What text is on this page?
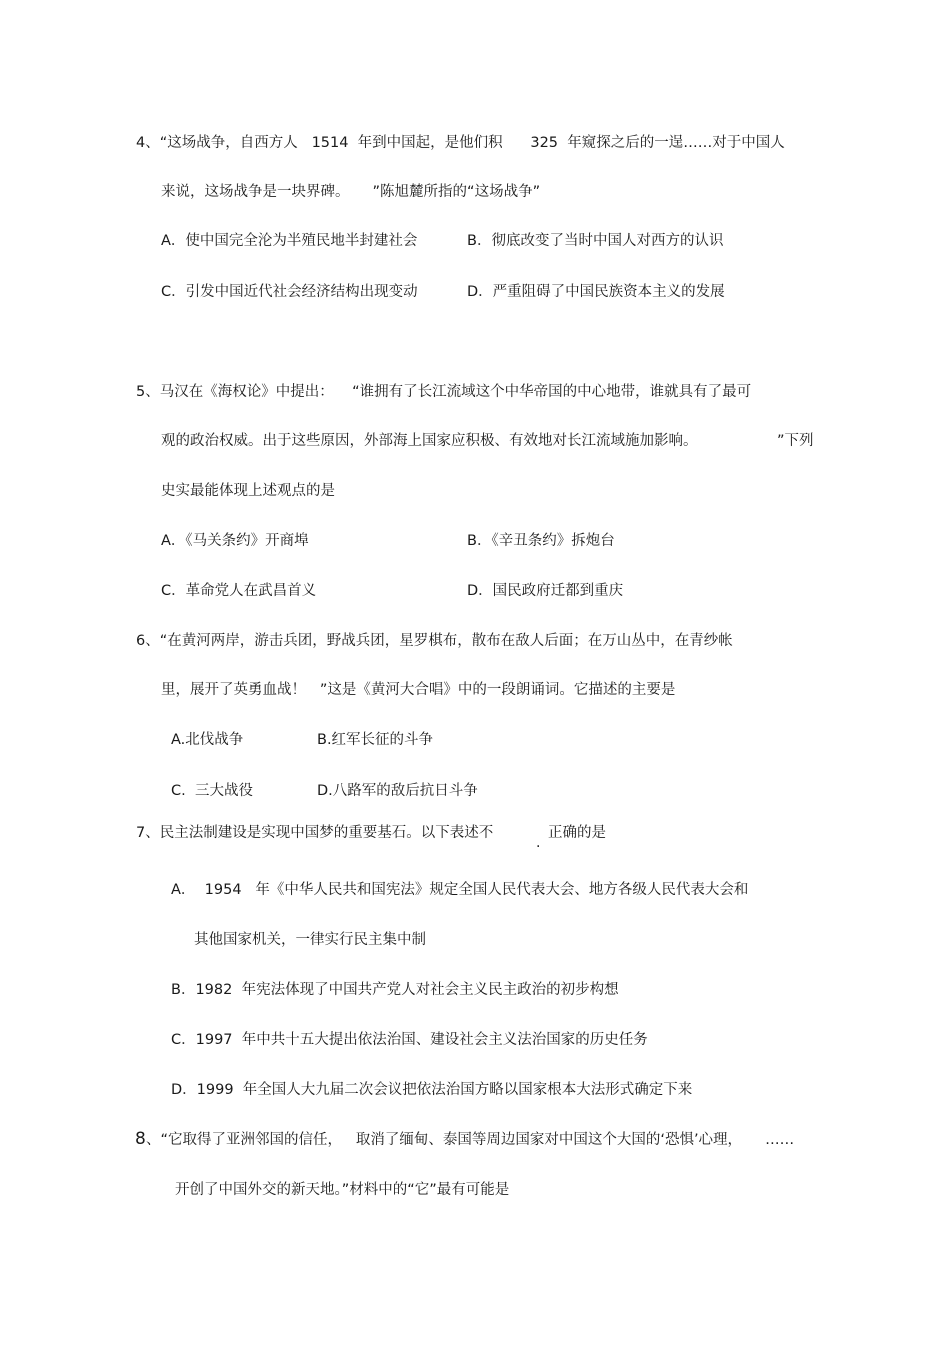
4、“这场战争，自西方人   1514  年到中国起，是他们积      325  年窥探之后的一逞……对于中国人
来说，这场战争是一块界碑。     ”陈旭麓所指的“这场战争”
A．使中国完全沦为半殖民地半封建社会	B．彻底改变了当时中国人对西方的认识
C．引发中国近代社会经济结构出现变动	D．严重阻碍了中国民族资本主义的发展
5、马汉在《海权论》中提出：    “谁拥有了长江流域这个中华帝国的中心地带，谁就具有了最可
观的政治权威。出于这些原因，外部海上国家应积极、有效地对长江流域施加影响。	”下列
史实最能体现上述观点的是
A．《马关条约》开商埠	B．《辛丑条约》拆炮台
C．革命党人在武昌首义	D．国民政府迁都到重庆
6、“在黄河两岸，游击兵团，野战兵团，星罗棋布，散布在敌人后面；在万山丛中，在青纱帐
里，展开了英勇血战！   ”这是《黄河大合唱》中的一段朗诵词。它描述的主要是
A.北伐战争	B.红军长征的斗争
C.  三大战役	D.八路军的敌后抗日斗争
7、民主法制建设是实现中国梦的重要基石。以下表述不
.
正确的是
A．  1954   年《中华人民共和国宪法》规定全国人民代表大会、地方各级人民代表大会和
其他国家机关，一律实行民主集中制
B．1982  年宪法体现了中国共产党人对社会主义民主政治的初步构想
C．1997  年中共十五大提出依法治国、建设社会主义法治国家的历史任务
D．1999  年全国人大九届二次会议把依法治国方略以国家根本大法形式确定下来
8 、“它取得了亚洲邻国的信任，   取消了缅甸、泰国等周边国家对中国这个大国的‘恐惧’心理，     ……
开创了中国外交的新天地。”材料中的“它”最有可能是
